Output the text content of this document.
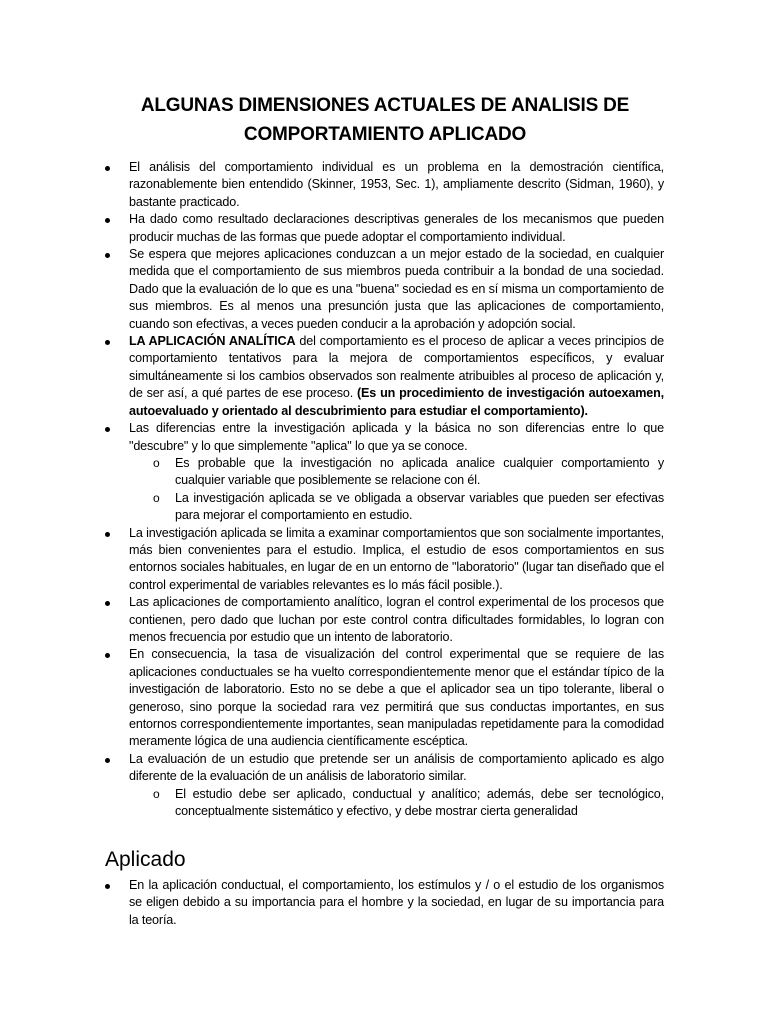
ALGUNAS DIMENSIONES ACTUALES DE ANALISIS DE
COMPORTAMIENTO APLICADO
El análisis del comportamiento individual es un problema en la demostración científica, razonablemente bien entendido (Skinner, 1953, Sec. 1), ampliamente descrito (Sidman, 1960), y bastante practicado.
Ha dado como resultado declaraciones descriptivas generales de los mecanismos que pueden producir muchas de las formas que puede adoptar el comportamiento individual.
Se espera que mejores aplicaciones conduzcan a un mejor estado de la sociedad, en cualquier medida que el comportamiento de sus miembros pueda contribuir a la bondad de una sociedad. Dado que la evaluación de lo que es una "buena" sociedad es en sí misma un comportamiento de sus miembros. Es al menos una presunción justa que las aplicaciones de comportamiento, cuando son efectivas, a veces pueden conducir a la aprobación y adopción social.
LA APLICACIÓN ANALÍTICA del comportamiento es el proceso de aplicar a veces principios de comportamiento tentativos para la mejora de comportamientos específicos, y evaluar simultáneamente si los cambios observados son realmente atribuibles al proceso de aplicación y, de ser así, a qué partes de ese proceso. (Es un procedimiento de investigación autoexamen, autoevaluado y orientado al descubrimiento para estudiar el comportamiento).
Las diferencias entre la investigación aplicada y la básica no son diferencias entre lo que "descubre" y lo que simplemente "aplica" lo que ya se conoce.
o Es probable que la investigación no aplicada analice cualquier comportamiento y cualquier variable que posiblemente se relacione con él.
o La investigación aplicada se ve obligada a observar variables que pueden ser efectivas para mejorar el comportamiento en estudio.
La investigación aplicada se limita a examinar comportamientos que son socialmente importantes, más bien convenientes para el estudio. Implica, el estudio de esos comportamientos en sus entornos sociales habituales, en lugar de en un entorno de "laboratorio" (lugar tan diseñado que el control experimental de variables relevantes es lo más fácil posible.).
Las aplicaciones de comportamiento analítico, logran el control experimental de los procesos que contienen, pero dado que luchan por este control contra dificultades formidables, lo logran con menos frecuencia por estudio que un intento de laboratorio.
En consecuencia, la tasa de visualización del control experimental que se requiere de las aplicaciones conductuales se ha vuelto correspondientemente menor que el estándar típico de la investigación de laboratorio. Esto no se debe a que el aplicador sea un tipo tolerante, liberal o generoso, sino porque la sociedad rara vez permitirá que sus conductas importantes, en sus entornos correspondientemente importantes, sean manipuladas repetidamente para la comodidad meramente lógica de una audiencia científicamente escéptica.
La evaluación de un estudio que pretende ser un análisis de comportamiento aplicado es algo diferente de la evaluación de un análisis de laboratorio similar.
o El estudio debe ser aplicado, conductual y analítico; además, debe ser tecnológico, conceptualmente sistemático y efectivo, y debe mostrar cierta generalidad
Aplicado
En la aplicación conductual, el comportamiento, los estímulos y / o el estudio de los organismos se eligen debido a su importancia para el hombre y la sociedad, en lugar de su importancia para la teoría.
